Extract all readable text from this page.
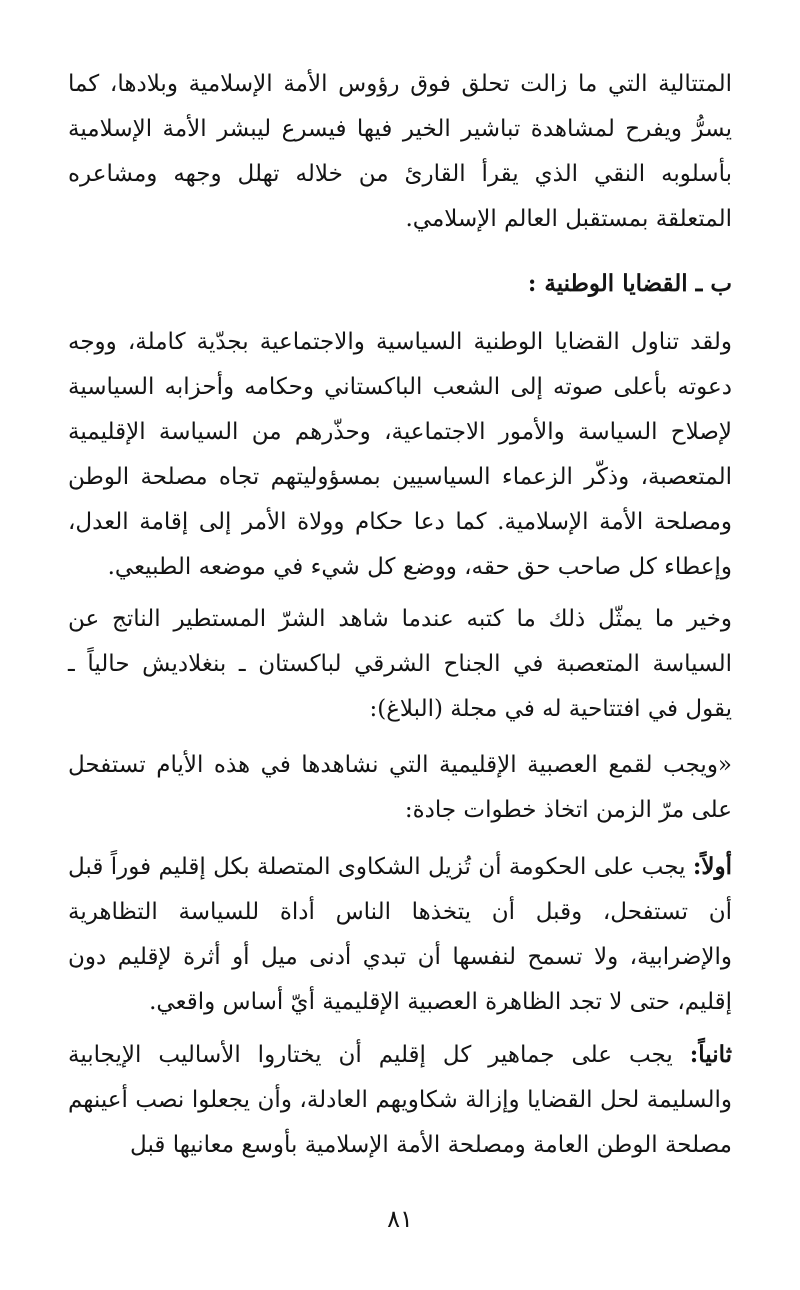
المتتالية التي ما زالت تحلق فوق رؤوس الأمة الإسلامية وبلادها، كما يسرُّ ويفرح لمشاهدة تباشير الخير فيها فيسرع ليبشر الأمة الإسلامية بأسلوبه النقي الذي يقرأ القارئ من خلاله تهلل وجهه ومشاعره المتعلقة بمستقبل العالم الإسلامي.

ب ـ القضايا الوطنية :

ولقد تناول القضايا الوطنية السياسية والاجتماعية بجدّية كاملة، ووجه دعوته بأعلى صوته إلى الشعب الباكستاني وحكامه وأحزابه السياسية لإصلاح السياسة والأمور الاجتماعية، وحذّرهم من السياسة الإقليمية المتعصبة، وذكّر الزعماء السياسيين بمسؤوليتهم تجاه مصلحة الوطن ومصلحة الأمة الإسلامية. كما دعا حكام وولاة الأمر إلى إقامة العدل، وإعطاء كل صاحب حق حقه، ووضع كل شيء في موضعه الطبيعي.

وخير ما يمثّل ذلك ما كتبه عندما شاهد الشرّ المستطير الناتج عن السياسة المتعصبة في الجناح الشرقي لباكستان ـ بنغلاديش حالياً ـ يقول في افتتاحية له في مجلة (البلاغ):

«ويجب لقمع العصبية الإقليمية التي نشاهدها في هذه الأيام تستفحل على مرّ الزمن اتخاذ خطوات جادة:

أولاً: يجب على الحكومة أن تُزيل الشكاوى المتصلة بكل إقليم فوراً قبل أن تستفحل، وقبل أن يتخذها الناس أداة للسياسة التظاهرية والإضرابية، ولا تسمح لنفسها أن تبدي أدنى ميل أو أثرة لإقليم دون إقليم، حتى لا تجد الظاهرة العصبية الإقليمية أيّ أساس واقعي.

ثانياً: يجب على جماهير كل إقليم أن يختاروا الأساليب الإيجابية والسليمة لحل القضايا وإزالة شكاويهم العادلة، وأن يجعلوا نصب أعينهم مصلحة الوطن العامة ومصلحة الأمة الإسلامية بأوسع معانيها قبل

٨١
